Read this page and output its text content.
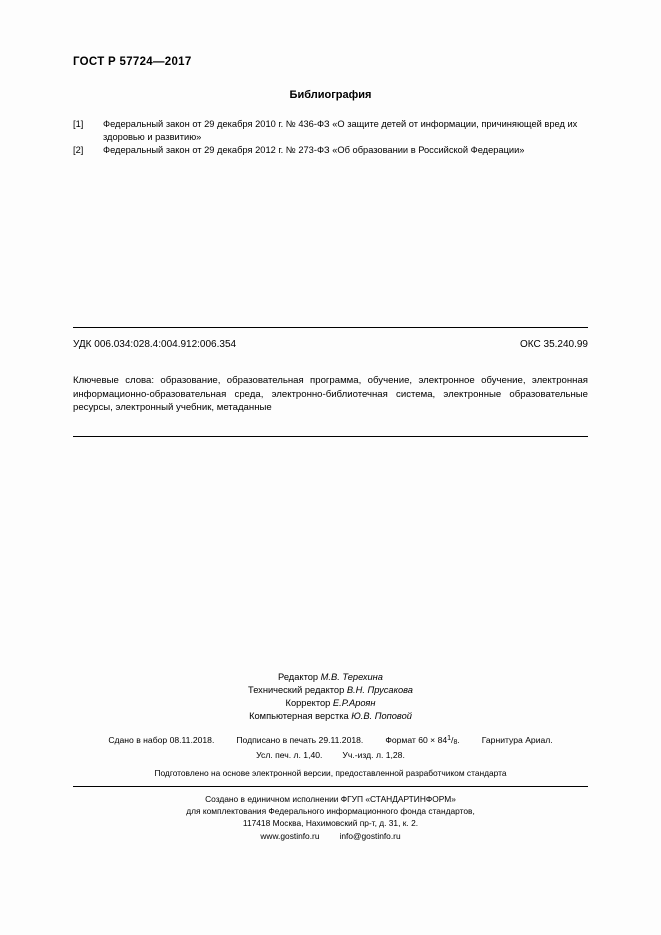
ГОСТ Р 57724—2017
Библиография
[1]	Федеральный закон от 29 декабря 2010 г. № 436-ФЗ «О защите детей от информации, причиняющей вред их здоровью и развитию»
[2]	Федеральный закон от 29 декабря 2012 г. № 273-ФЗ «Об образовании в Российской Федерации»
УДК 006.034:028.4:004.912:006.354	ОКС 35.240.99
Ключевые слова: образование, образовательная программа, обучение, электронное обучение, электронная информационно-образовательная среда, электронно-библиотечная система, электронные образовательные ресурсы, электронный учебник, метаданные
Редактор М.В. Терехина
Технический редактор В.Н. Прусакова
Корректор Е.Р.Ароян
Компьютерная верстка Ю.В. Поповой
Сдано в набор 08.11.2018.	Подписано в печать 29.11.2018.	Формат $60 \times 84^1/_8$.	Гарнитура Ариал.
Усл. печ. л. 1,40. Уч.-изд. л. 1,28.
Подготовлено на основе электронной версии, предоставленной разработчиком стандарта
Создано в единичном исполнении ФГУП «СТАНДАРТИНФОРМ»
для комплектования Федерального информационного фонда стандартов,
117418 Москва, Нахимовский пр-т, д. 31, к. 2.
www.gostinfo.ru info@gostinfo.ru
